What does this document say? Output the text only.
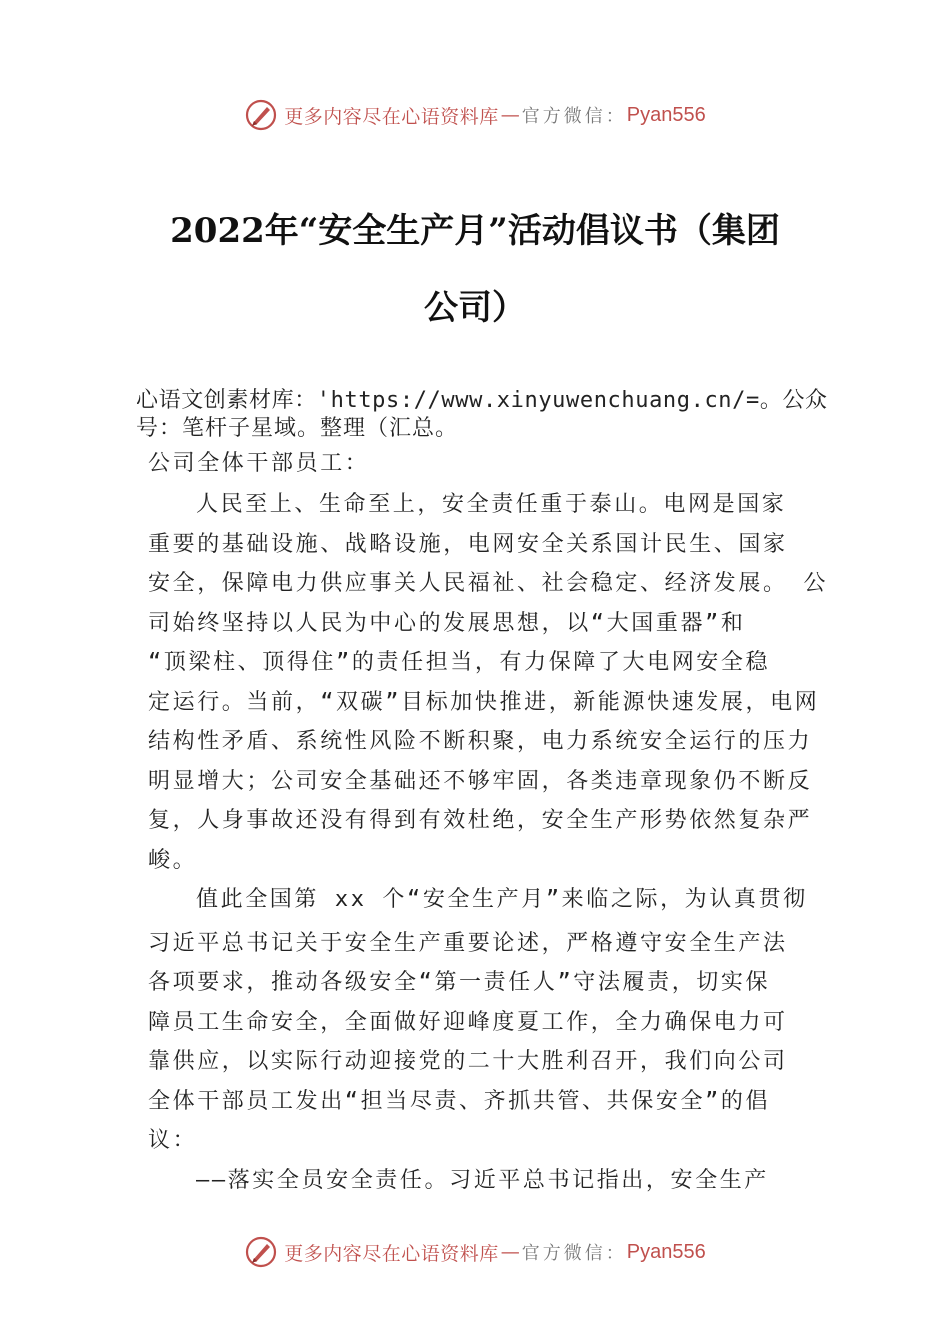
更多内容尽在心语资料库 — 官方微信： Pyan556
2022年“安全生产月”活动倡议书（集团
公司）
心语文创素材库：'https://www.xinyuwenchuang.cn/=。公众
号：笔杆子星域。整理（汇总。
公司全体干部员工：
人民至上、生命至上，安全责任重于泰山。电网是国家
重要的基础设施、战略设施，电网安全关系国计民生、国家
安全，保障电力供应事关人民福祉、社会稳定、经济发展。 公
司始终坚持以人民为中心的发展思想，以“大国重器”和
“顶梁柱、顶得住”的责任担当，有力保障了大电网安全稳
定运行。当前，“双碳”目标加快推进，新能源快速发展，电网
结构性矛盾、系统性风险不断积聚，电力系统安全运行的压力
明显增大；公司安全基础还不够牢固，各类违章现象仍不断反
复，人身事故还没有得到有效杜绝，安全生产形势依然复杂严
峻。
值此全国第 xx 个“安全生产月”来临之际，为认真贯彻
习近平总书记关于安全生产重要论述，严格遵守安全生产法
各项要求，推动各级安全“第一责任人”守法履责，切实保
障员工生命安全，全面做好迎峰度夏工作，全力确保电力可
靠供应，以实际行动迎接党的二十大胜利召开，我们向公司
全体干部员工发出“担当尽责、齐抓共管、共保安全”的倡
议：
——落实全员安全责任。习近平总书记指出，安全生产
更多内容尽在心语资料库 — 官方微信： Pyan556
